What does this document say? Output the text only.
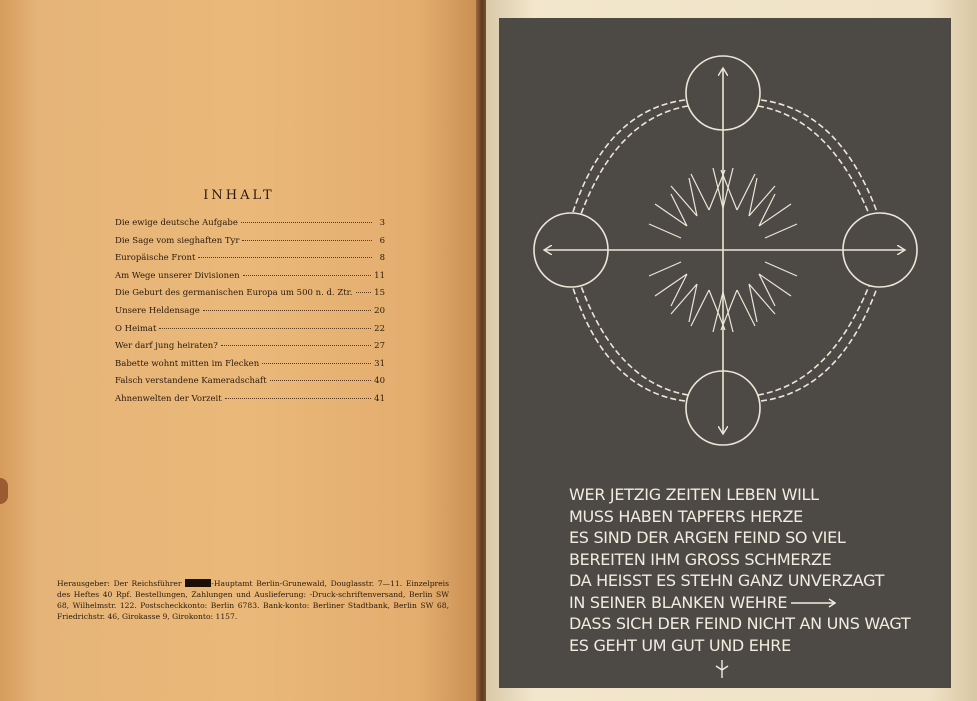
INHALT
Die ewige deutsche Aufgabe	3
Die Sage vom sieghaften Tyr	6
Europäische Front	8
Am Wege unserer Divisionen	11
Die Geburt des germanischen Europa um 500 n. d. Ztr.	15
Unsere Heldensage	20
O Heimat	22
Wer darf jung heiraten?	27
Babette wohnt mitten im Flecken	31
Falsch verstandene Kameradschaft	40
Ahnenwelten der Vorzeit	41

Herausgeber: Der Reichsführer	-Hauptamt Berlin-Grunewald, Douglasstr. 7—11. Einzelpreis des Heftes 40 Rpf. Bestellungen, Zahlungen und Auslieferung: -Druck-schriftenversand, Berlin SW 68, Wilhelmstr. 122. Postscheckkonto: Berlin 6783. Bank-konto: Berliner Stadtbank, Berlin SW 68, Friedrichstr. 46, Girokasse 9, Girokonto: 1157.

WER JETZIG ZEITEN LEBEN WILL
MUSS HABEN TAPFERS HERZE
ES SIND DER ARGEN FEIND SO VIEL
BEREITEN IHM GROSS SCHMERZE
DA HEISST ES STEHN GANZ UNVERZAGT
IN SEINER BLANKEN WEHRE
DASS SICH DER FEIND NICHT AN UNS WAGT
ES GEHT UM GUT UND EHRE
